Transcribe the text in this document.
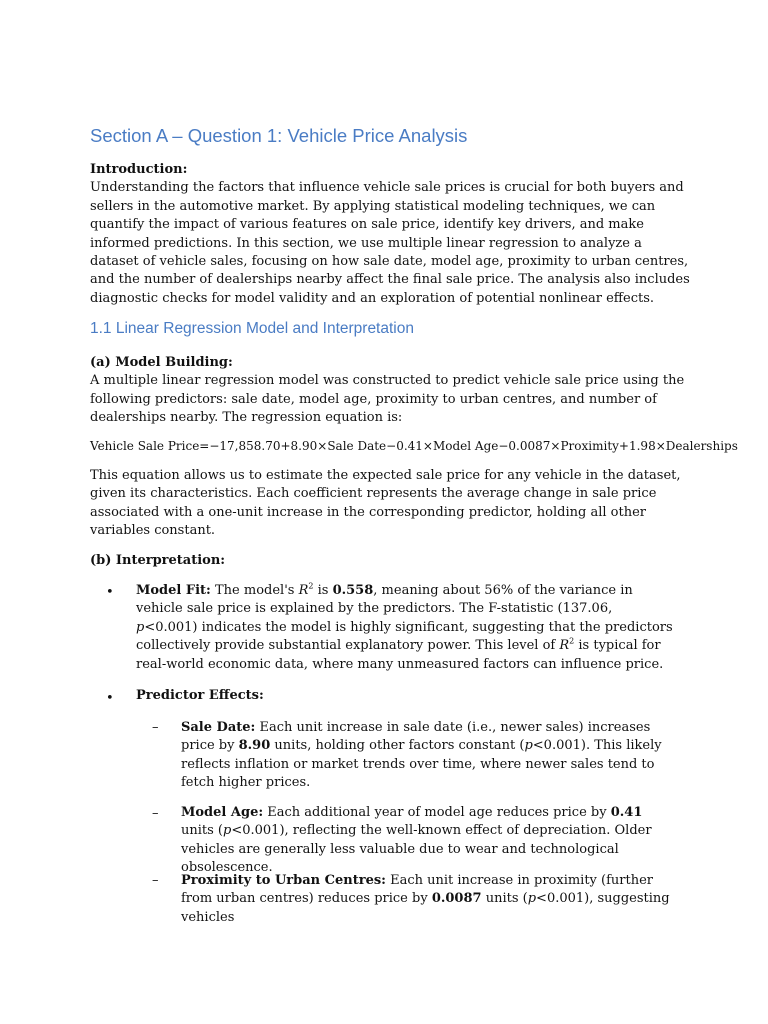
Section A – Question 1: Vehicle Price Analysis

Introduction:
Understanding the factors that influence vehicle sale prices is crucial for both buyers and sellers in the automotive market. By applying statistical modeling techniques, we can quantify the impact of various features on sale price, identify key drivers, and make informed predictions. In this section, we use multiple linear regression to analyze a dataset of vehicle sales, focusing on how sale date, model age, proximity to urban centres, and the number of dealerships nearby affect the final sale price. The analysis also includes diagnostic checks for model validity and an exploration of potential nonlinear effects.

1.1 Linear Regression Model and Interpretation

(a) Model Building:
A multiple linear regression model was constructed to predict vehicle sale price using the following predictors: sale date, model age, proximity to urban centres, and number of dealerships nearby. The regression equation is:

Vehicle Sale Price=−17,858.70+8.90×Sale Date−0.41×Model Age−0.0087×Proximity+1.98×Dealerships

This equation allows us to estimate the expected sale price for any vehicle in the dataset, given its characteristics. Each coefficient represents the average change in sale price associated with a one-unit increase in the corresponding predictor, holding all other variables constant.

(b) Interpretation:

• Model Fit: The model's $R^2$ is 0.558, meaning about 56% of the variance in vehicle sale price is explained by the predictors. The F-statistic (137.06, p<0.001) indicates the model is highly significant, suggesting that the predictors collectively provide substantial explanatory power. This level of $R^2$ is typical for real-world economic data, where many unmeasured factors can influence price.

• Predictor Effects:

– Sale Date: Each unit increase in sale date (i.e., newer sales) increases price by 8.90 units, holding other factors constant (p<0.001). This likely reflects inflation or market trends over time, where newer sales tend to fetch higher prices.

– Model Age: Each additional year of model age reduces price by 0.41 units (p<0.001), reflecting the well-known effect of depreciation. Older vehicles are generally less valuable due to wear and technological obsolescence.

– Proximity to Urban Centres: Each unit increase in proximity (further from urban centres) reduces price by 0.0087 units (p<0.001), suggesting vehicles
